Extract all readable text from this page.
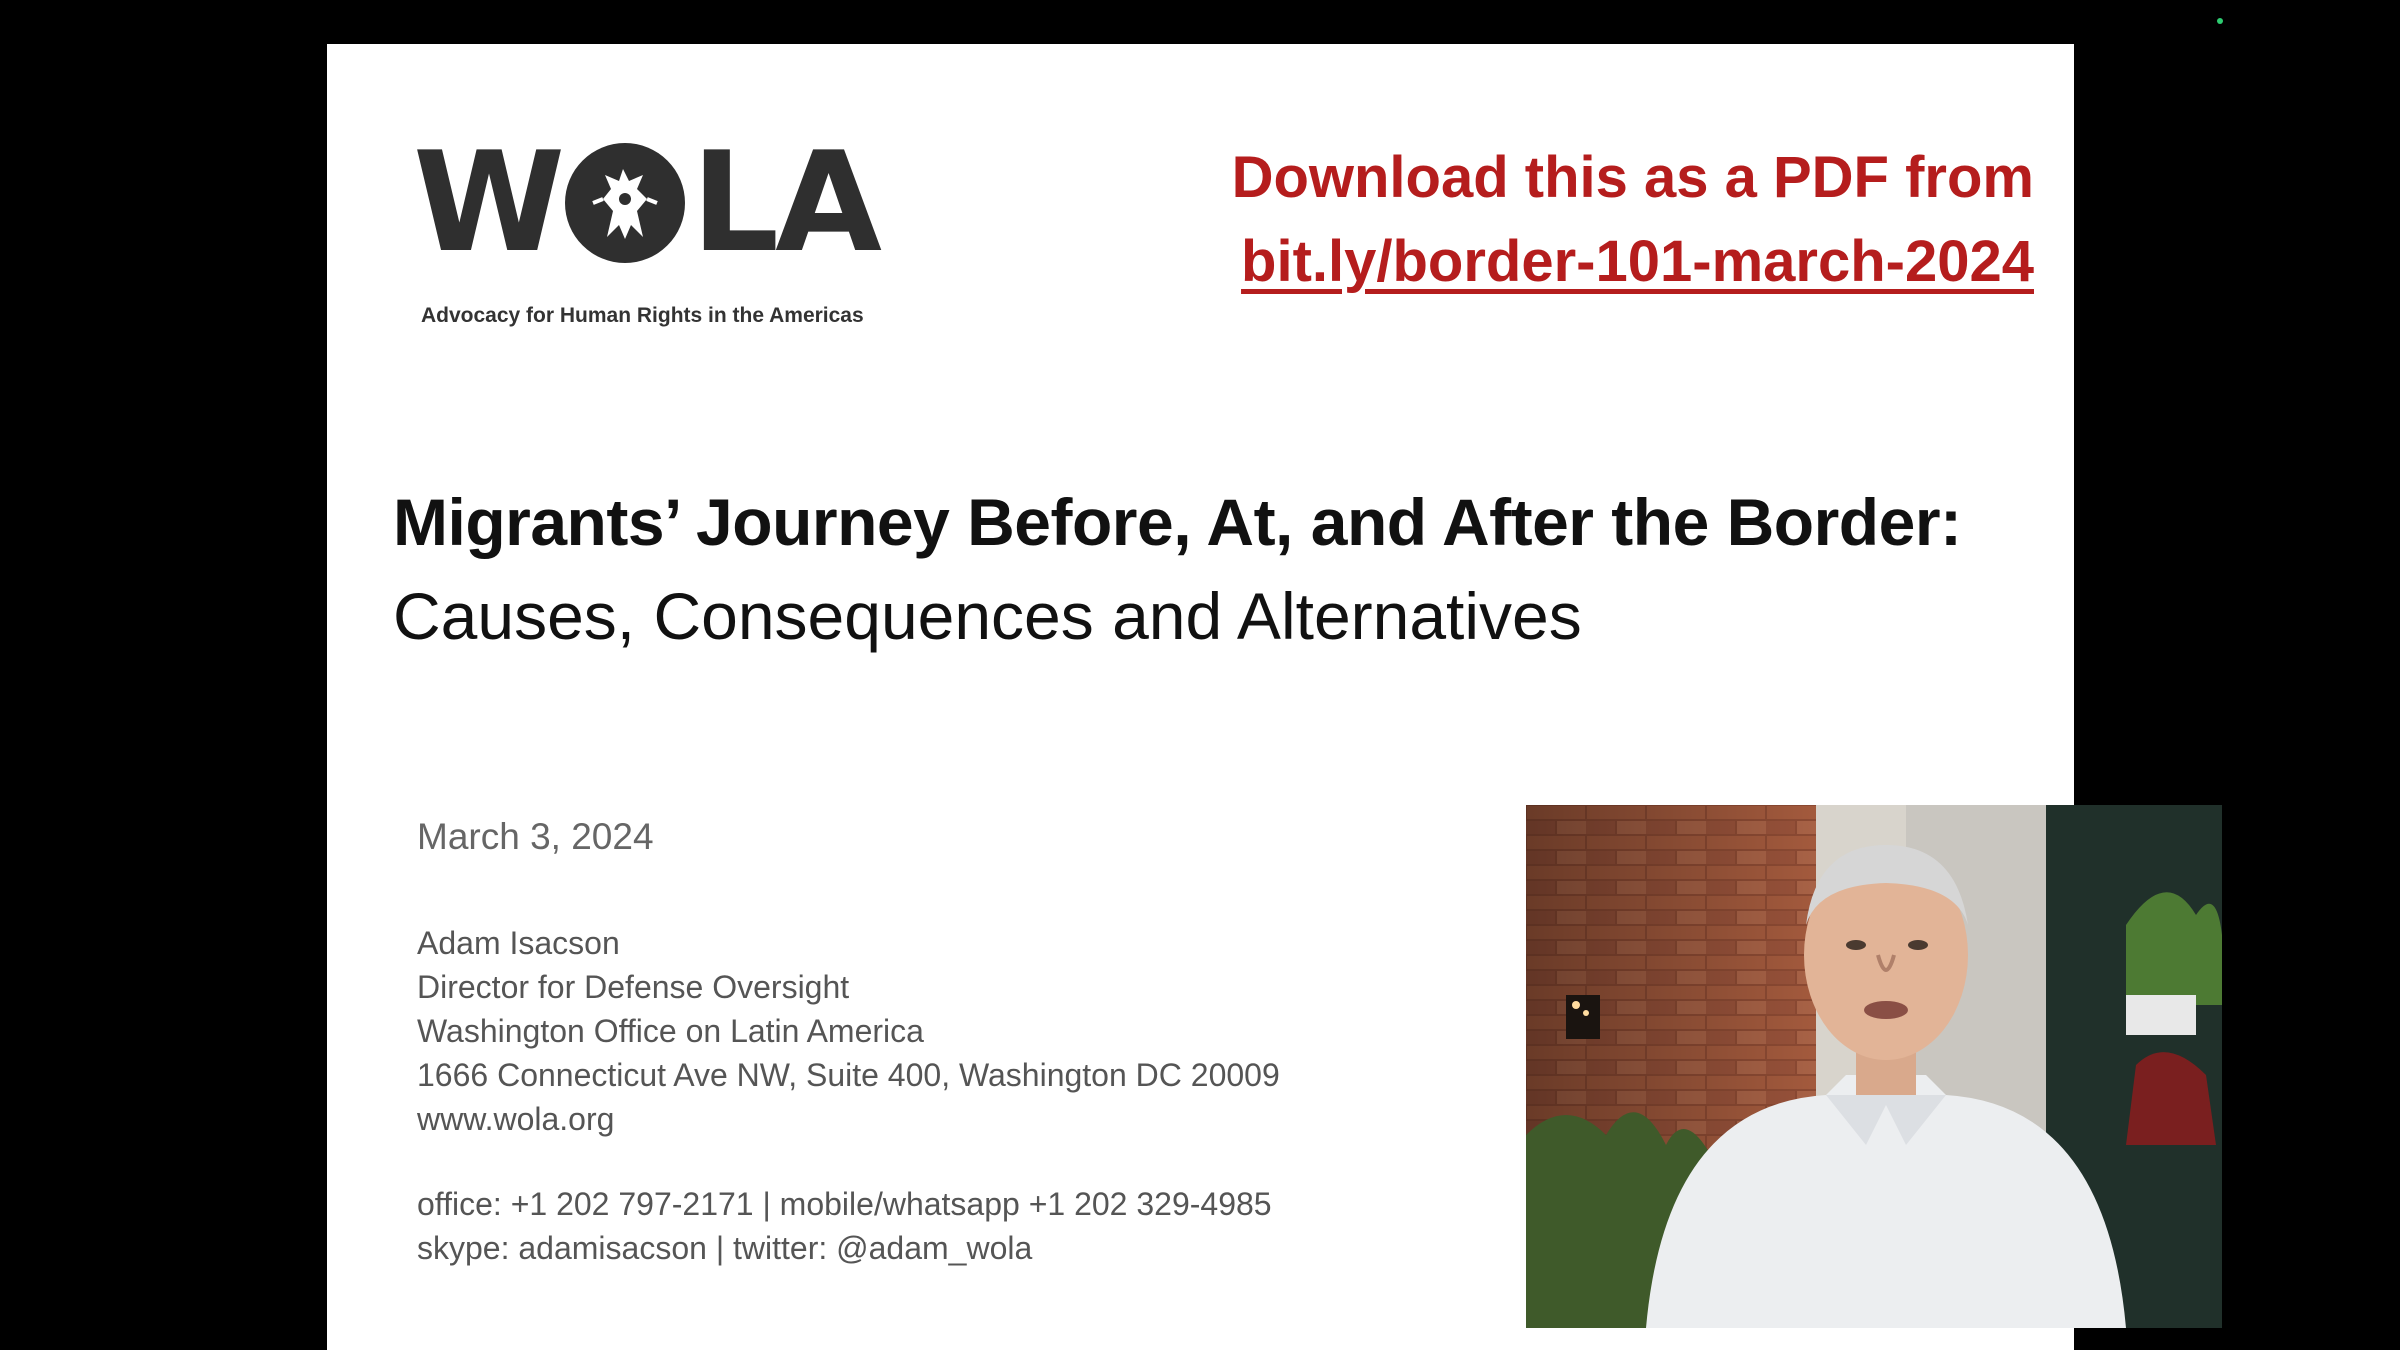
W LA
Advocacy for Human Rights in the Americas
Download this as a PDF from
bit.ly/border-101-march-2024
Migrants’ Journey Before, At, and After the Border:
Causes, Consequences and Alternatives
March 3, 2024
Adam Isacson
Director for Defense Oversight
Washington Office on Latin America
1666 Connecticut Ave NW, Suite 400, Washington DC 20009
www.wola.org
office: +1 202 797-2171 | mobile/whatsapp +1 202 329-4985
skype: adamisacson | twitter: @adam_wola
